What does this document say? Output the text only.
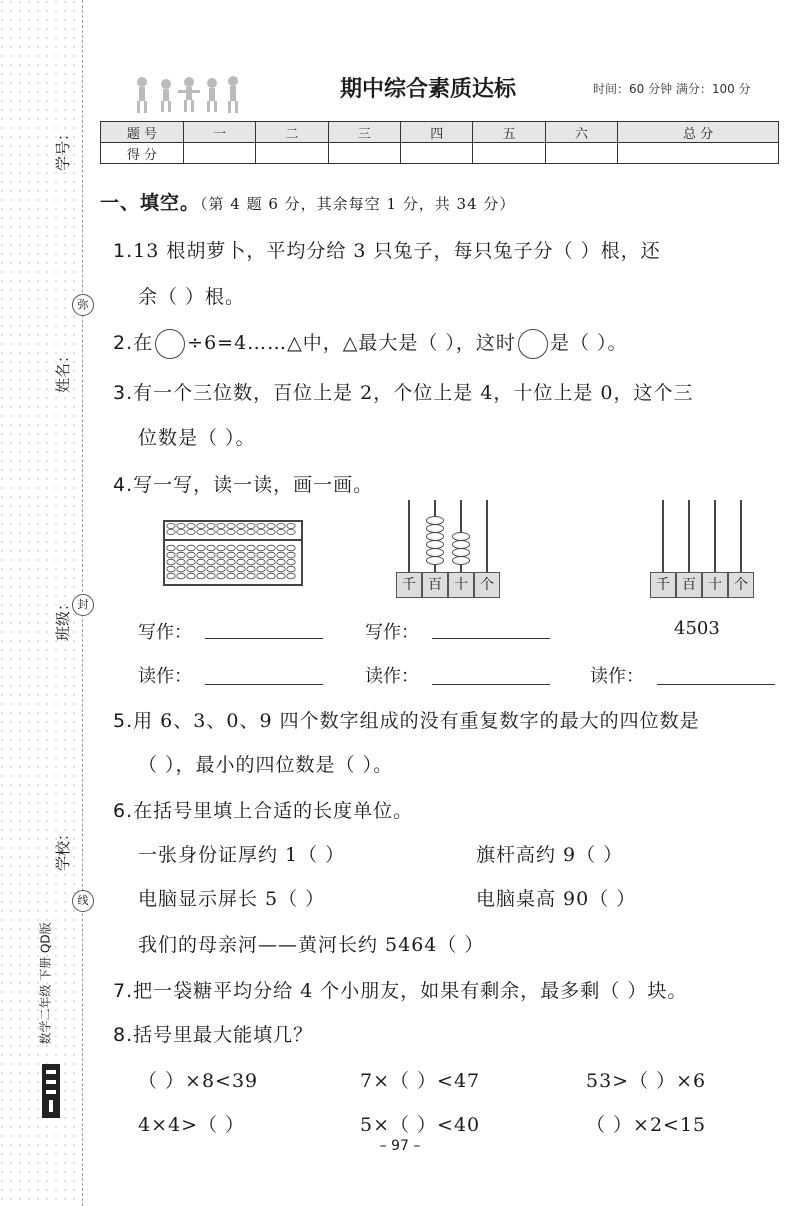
学号：
姓名：
班级：
学校：
弥
封
线
数学二年级 下册 QD版
期中综合素质达标	时间：60 分钟 满分：100 分
题 号	一	二	三	四	五	六	总 分
得 分							
一、填空。（第 4 题 6 分，其余每空 1 分，共 34 分）
1.13 根胡萝卜，平均分给 3 只兔子，每只兔子分（ ）根，还
余（ ）根。
2.在 ÷6=4……△中，△最大是（ ），这时 是（ ）。
3.有一个三位数，百位上是 2，个位上是 4，十位上是 0，这个三
位数是（ ）。
4.写一写，读一读，画一画。
千 百 十 个	千 百 十 个
写作：	写作：	4503
读作：	读作：	读作：
5.用 6、3、0、9 四个数字组成的没有重复数字的最大的四位数是
（ ），最小的四位数是（ ）。
6.在括号里填上合适的长度单位。
一张身份证厚约 1（ ）	旗杆高约 9（ ）
电脑显示屏长 5（ ）	电脑桌高 90（ ）
我们的母亲河——黄河长约 5464（ ）
7.把一袋糖平均分给 4 个小朋友，如果有剩余，最多剩（ ）块。
8.括号里最大能填几？
（ ）×8<39	7×（ ）<47	53>（ ）×6
4×4>（ ）	5×（ ）<40	（ ）×2<15
– 97 –
